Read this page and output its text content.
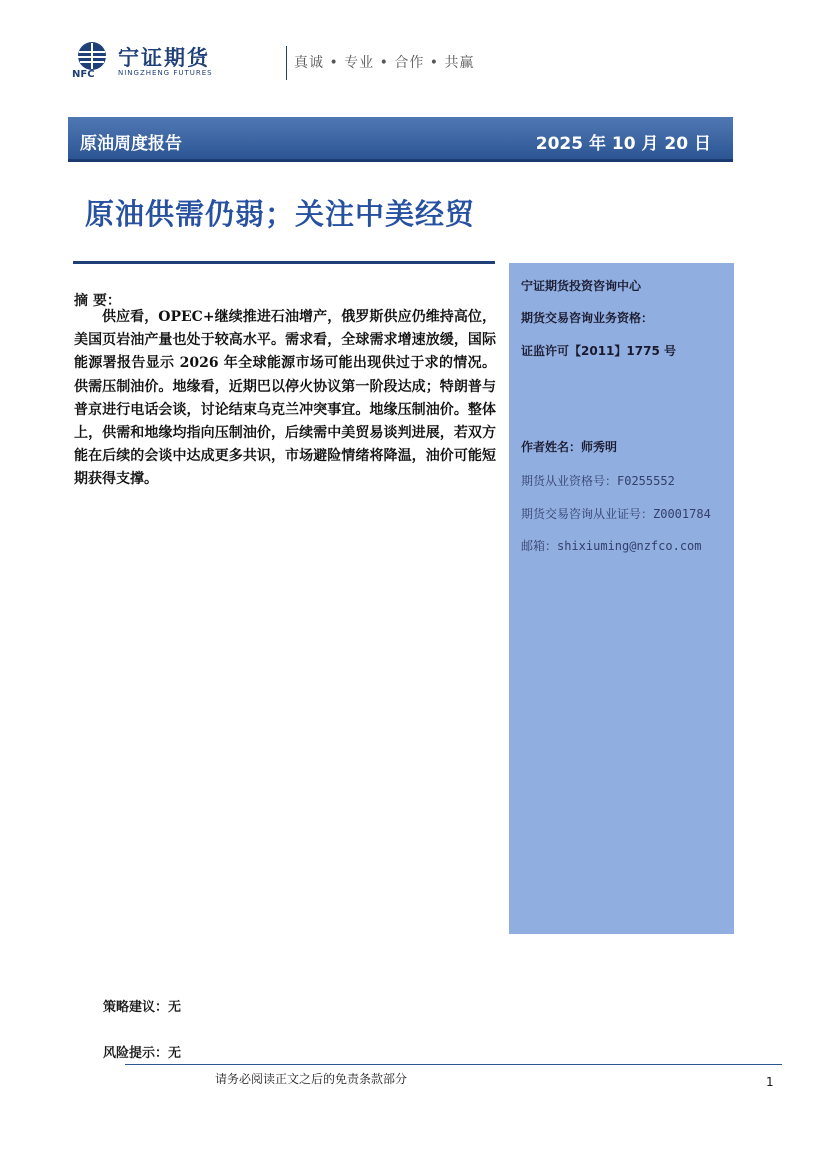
NFC
宁证期货
NINGZHENG FUTURES
真诚 • 专业 • 合作 • 共赢
原油周度报告	2025 年 10 月 20 日
原油供需仍弱；关注中美经贸
摘 要：

供应看，OPEC+继续推进石油增产，俄罗斯供应仍维持高位，美国页岩油产量也处于较高水平。需求看，全球需求增速放缓，国际能源署报告显示 2026 年全球能源市场可能出现供过于求的情况。供需压制油价。地缘看，近期巴以停火协议第一阶段达成；特朗普与普京进行电话会谈，讨论结束乌克兰冲突事宜。地缘压制油价。整体上，供需和地缘均指向压制油价，后续需中美贸易谈判进展，若双方能在后续的会谈中达成更多共识，市场避险情绪将降温，油价可能短期获得支撑。

宁证期货投资咨询中心
期货交易咨询业务资格：
证监许可【2011】1775 号
作者姓名：师秀明
期货从业资格号：F0255552
期货交易咨询从业证号：Z0001784
邮箱：shixiuming@nzfco.com
策略建议：无
风险提示：无
请务必阅读正文之后的免责条款部分	1
